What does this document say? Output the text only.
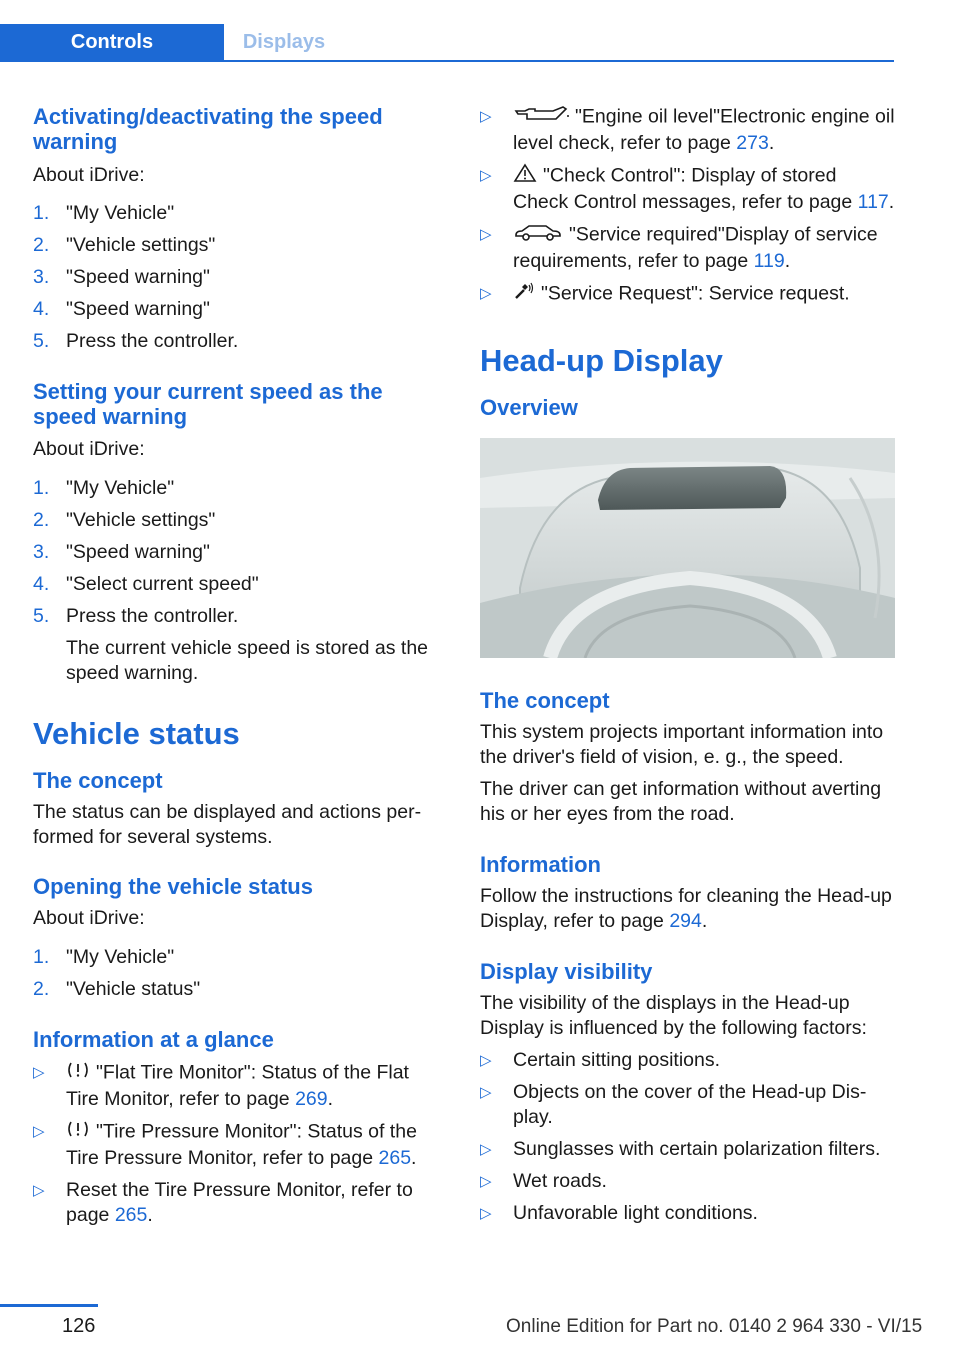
Controls	Displays
Activating/deactivating the speed warning

About iDrive:

1. "My Vehicle"
2. "Vehicle settings"
3. "Speed warning"
4. "Speed warning"
5. Press the controller.
Setting your current speed as the speed warning

About iDrive:

1. "My Vehicle"
2. "Vehicle settings"
3. "Speed warning"
4. "Select current speed"
5. Press the controller.

The current vehicle speed is stored as the speed warning.

Vehicle status
The concept

The status can be displayed and actions per-formed for several systems.

Opening the vehicle status

About iDrive:

1. "My Vehicle"
2. "Vehicle status"
Information at a glance
▷	"Flat Tire Monitor": Status of the Flat Tire Monitor, refer to page 269.
▷	"Tire Pressure Monitor": Status of the Tire Pressure Monitor, refer to page 265.
▷	Reset the Tire Pressure Monitor, refer to page 265.
▷	"Engine oil level"Electronic engine oil level check, refer to page 273.
▷	"Check Control": Display of stored Check Control messages, refer to page 117.
▷	"Service required"Display of service requirements, refer to page 119.
▷	"Service Request": Service request.
Head-up Display
Overview
The concept

This system projects important information into the driver's field of vision, e. g., the speed.

The driver can get information without averting his or her eyes from the road.

Information

Follow the instructions for cleaning the Head-up Display, refer to page 294.

Display visibility

The visibility of the displays in the Head-up Display is influenced by the following factors:

▷	Certain sitting positions.
▷	Objects on the cover of the Head-up Dis-play.
▷	Sunglasses with certain polarization filters.
▷	Wet roads.
▷	Unfavorable light conditions.
126	Online Edition for Part no. 0140 2 964 330 - VI/15
